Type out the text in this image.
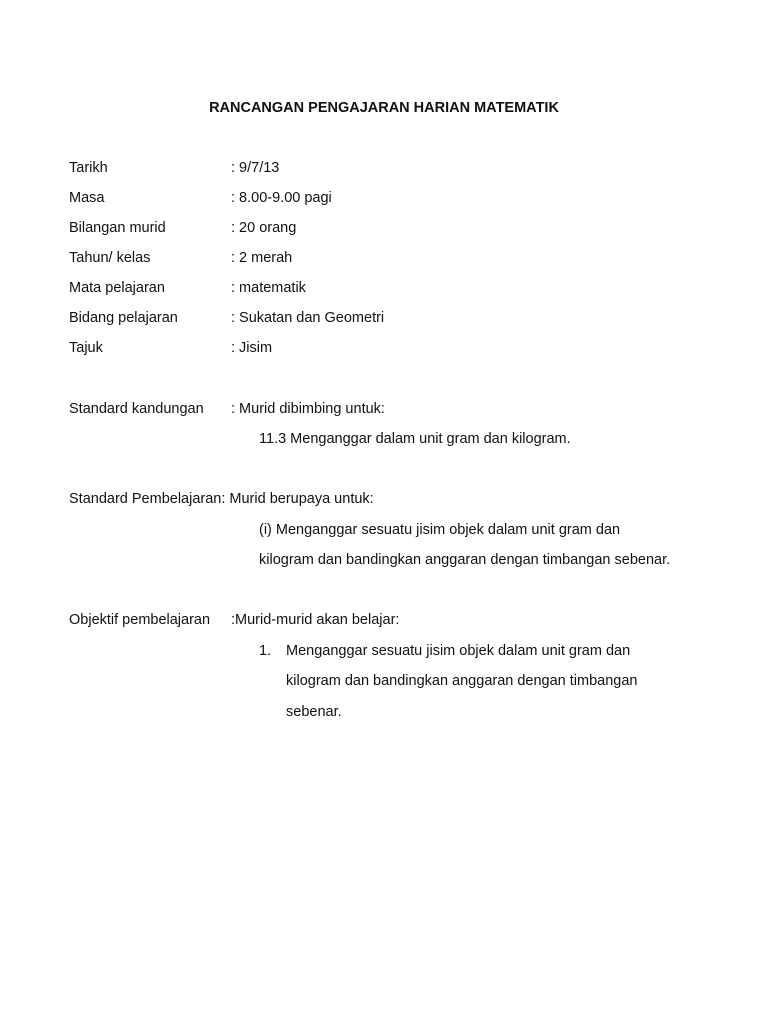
RANCANGAN PENGAJARAN HARIAN MATEMATIK
Tarikh	: 9/7/13
Masa	: 8.00-9.00 pagi
Bilangan murid	: 20 orang
Tahun/ kelas	: 2 merah
Mata pelajaran	: matematik
Bidang pelajaran	: Sukatan dan Geometri
Tajuk	: Jisim
Standard kandungan : Murid dibimbing untuk:
11.3 Menganggar dalam unit gram dan kilogram.
Standard Pembelajaran: Murid berupaya untuk:
(i) Menganggar sesuatu jisim objek dalam unit gram dan
kilogram dan bandingkan anggaran dengan timbangan sebenar.
Objektif pembelajaran :Murid-murid akan belajar:
1. Menganggar sesuatu jisim objek dalam unit gram dan
kilogram dan bandingkan anggaran dengan timbangan
sebenar.
